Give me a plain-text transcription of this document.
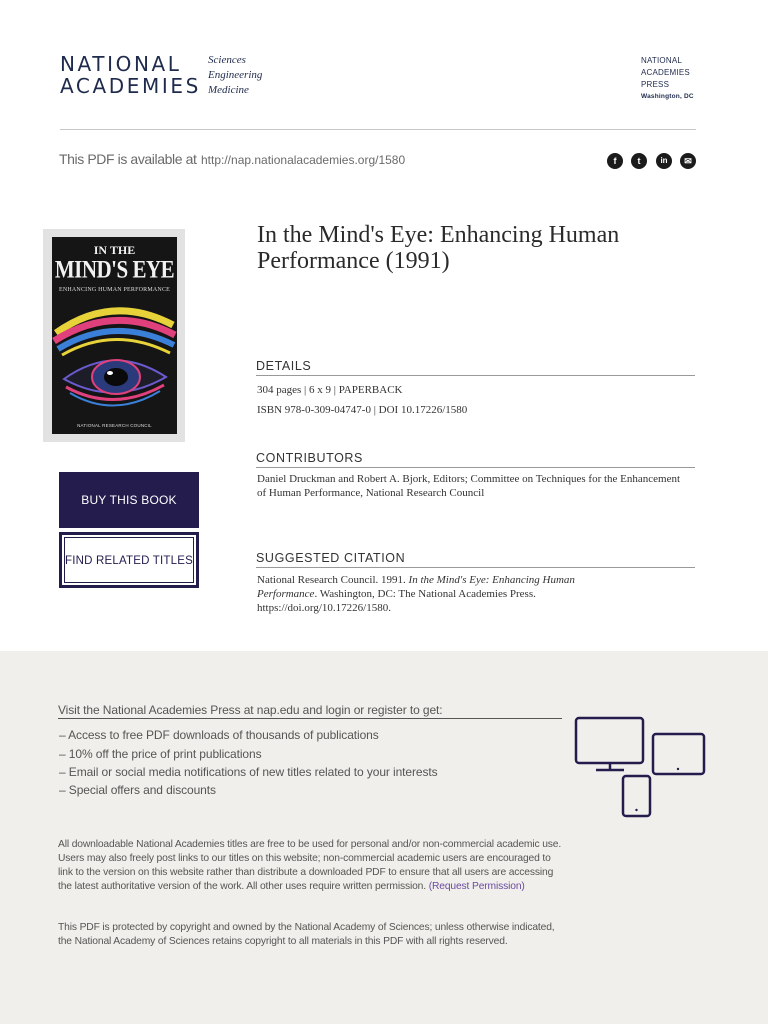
NATIONAL
ACADEMIES
Sciences
Engineering
Medicine
NATIONAL
ACADEMIES
PRESS
Washington, DC
This PDF is available at http://nap.nationalacademies.org/1580	f	t	in	✉
IN THE
MIND'S EYE
ENHANCING HUMAN PERFORMANCE
NATIONAL RESEARCH COUNCIL
BUY THIS BOOK
FIND RELATED TITLES
In the Mind's Eye: Enhancing Human Performance (1991)
DETAILS
304 pages | 6 x 9 | PAPERBACK
ISBN 978-0-309-04747-0 | DOI 10.17226/1580
CONTRIBUTORS
Daniel Druckman and Robert A. Bjork, Editors; Committee on Techniques for the Enhancement of Human Performance, National Research Council
SUGGESTED CITATION
National Research Council. 1991. In the Mind's Eye: Enhancing Human Performance. Washington, DC: The National Academies Press. https://doi.org/10.17226/1580.
Visit the National Academies Press at nap.edu and login or register to get:
– Access to free PDF downloads of thousands of publications
– 10% off the price of print publications
– Email or social media notifications of new titles related to your interests
– Special offers and discounts
All downloadable National Academies titles are free to be used for personal and/or non-commercial academic use. Users may also freely post links to our titles on this website; non-commercial academic users are encouraged to link to the version on this website rather than distribute a downloaded PDF to ensure that all users are accessing the latest authoritative version of the work. All other uses require written permission. (Request Permission)
This PDF is protected by copyright and owned by the National Academy of Sciences; unless otherwise indicated, the National Academy of Sciences retains copyright to all materials in this PDF with all rights reserved.
